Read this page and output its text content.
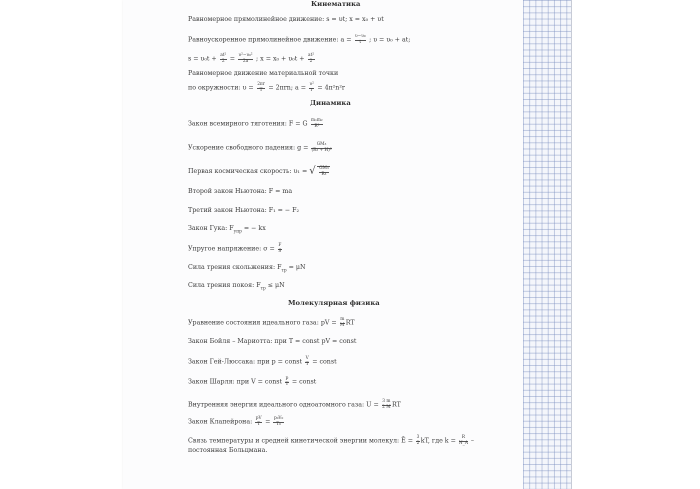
Кинематика
Равномерное прямолинейное движение: s = υt; x = x₀ + υt
Равноускоренное прямолинейное движение: $a = \frac{\text{υ−υ₀}}{t}$ ; υ = υ₀ + at;
$s = \upsilon_0t + \frac{\text{at²}}{2} = \frac{\text{υ²−υ₀²}}{2a}$ ; $x = x_0 + \upsilon_0t + \frac{\text{at²}}{2}$
Равномерное движение материальной точки
по окружности: $\upsilon = \frac{2\pi r}{T} = 2\pi rn$; $a = \frac{\text{υ²}}{r} = 4\pi^2n^2r$
Динамика
Закон всемирного тяготения: F = G $\frac{\text{m₁m₂}}{\text{R²}}$
Ускорение свободного падения: $g = \frac{\text{GM₃}}{\text{(R₃ + H)²}}$
Первая космическая скорость: υ₁ = √ $\frac{\text{GM₃}}{\text{R₃}}$
Второй закон Ньютона: F = ma
Третий закон Ньютона: F₁ = − F₂
Закон Гука: $F_{упр}$ = − kx
Упругое напряжение: $\sigma = \frac{F}{S}$
Сила трения скольжения: $F_{тр} = \mu N$
Сила трения покоя: $F_{тр} \le \mu N$
Молекулярная физика
Уравнение состояния идеального газа: pV = $\frac{m}{M}$ RT
Закон Бойля – Мариотта: при T = const pV = const
Закон Гей-Люссака: при p = const $\frac{V}{T}$ = const
Закон Шарля: при V = const $\frac{p}{T}$ = const
Внутренняя энергия идеального одноатомного газа: $U = \frac{3 m}{2 M}$ RT
Закон Клапейрона: $\frac{pV}{T} = \frac{\text{p₀V₀}}{\text{T₀}}$
Связь температуры и средней кинетической энергии молекул: Ē = $\frac{3}{2}$ kT, где $k = \frac{R}{N\_A}$ –
постоянная Больцмана.
